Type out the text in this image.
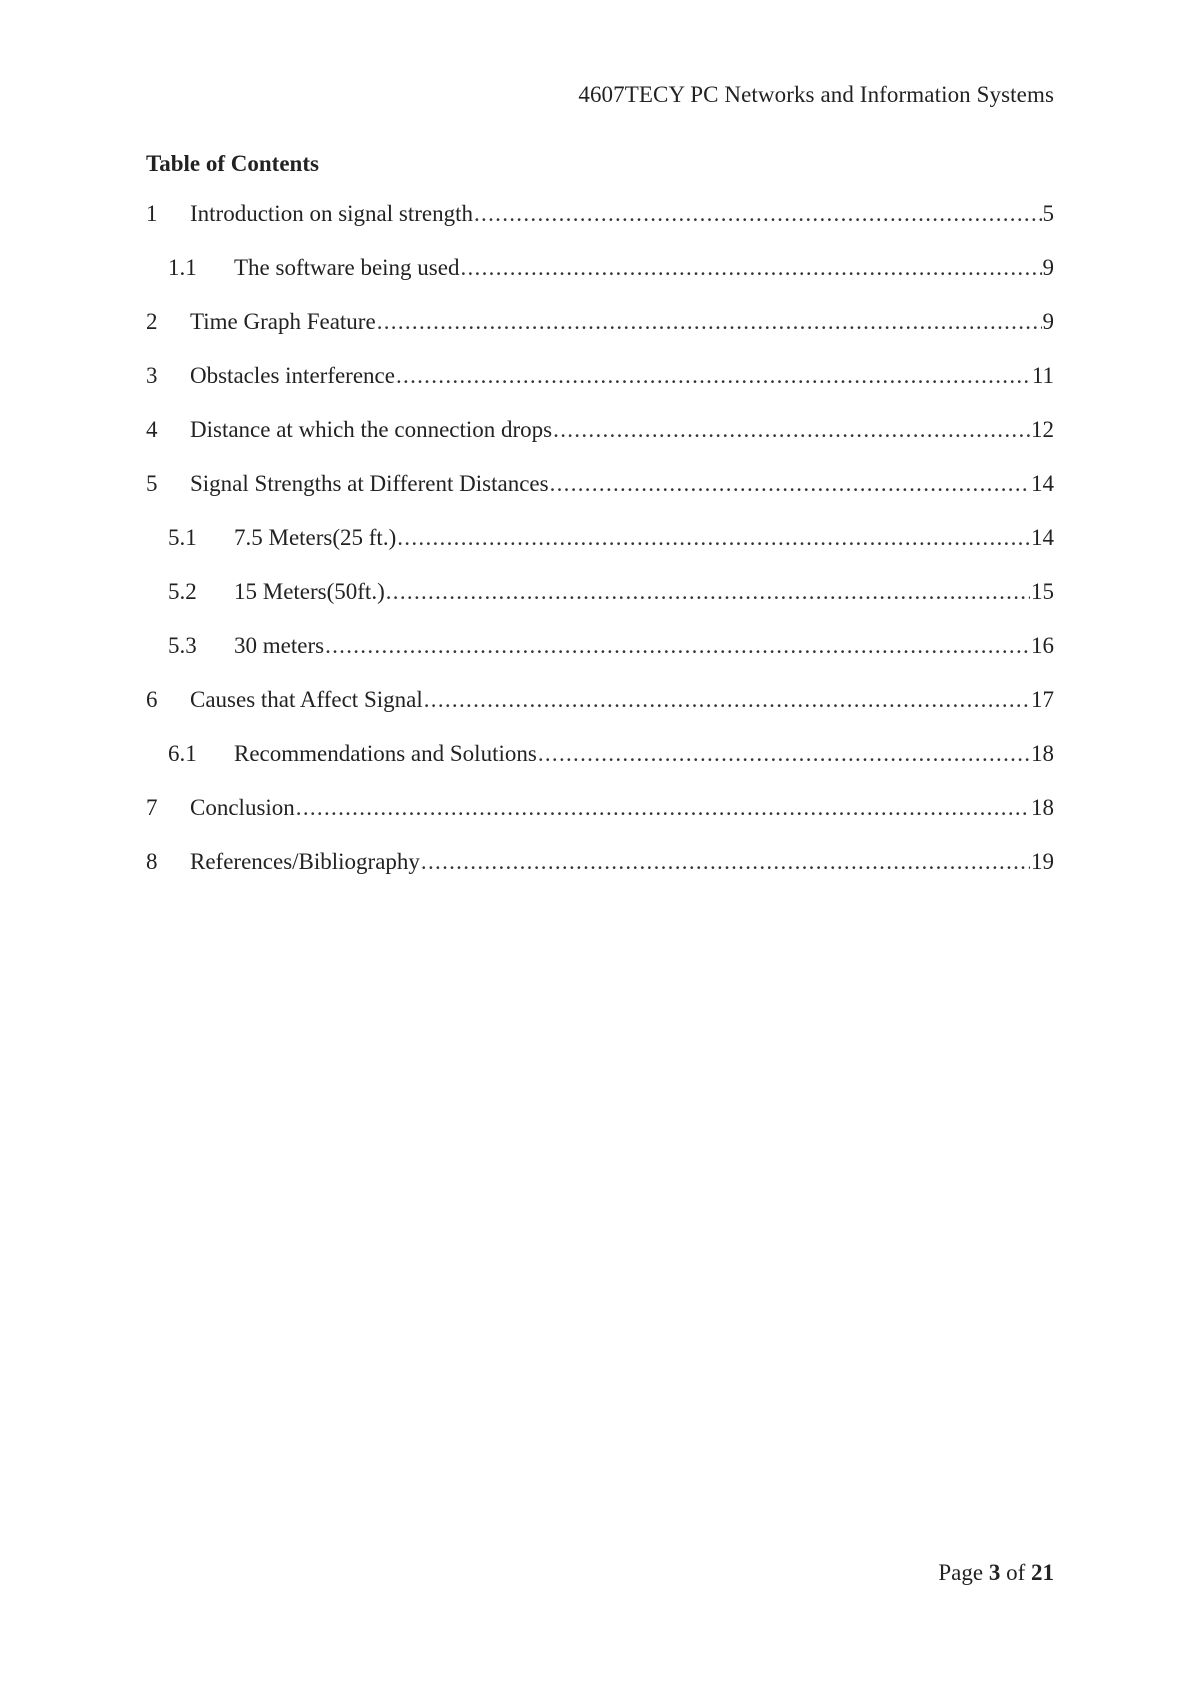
4607TECY PC Networks and Information Systems
Table of Contents
1	Introduction on signal strength .....	5
1.1	The software being used .....	9
2	Time Graph Feature .....	9
3	Obstacles interference .....	11
4	Distance at which the connection drops .....	12
5	Signal Strengths at Different Distances .....	14
5.1	7.5 Meters(25 ft.) .....	14
5.2	15 Meters(50ft.) .....	15
5.3	30 meters .....	16
6	Causes that Affect Signal .....	17
6.1	Recommendations and Solutions .....	18
7	Conclusion .....	18
8	References/Bibliography .....	19
Page 3 of 21
